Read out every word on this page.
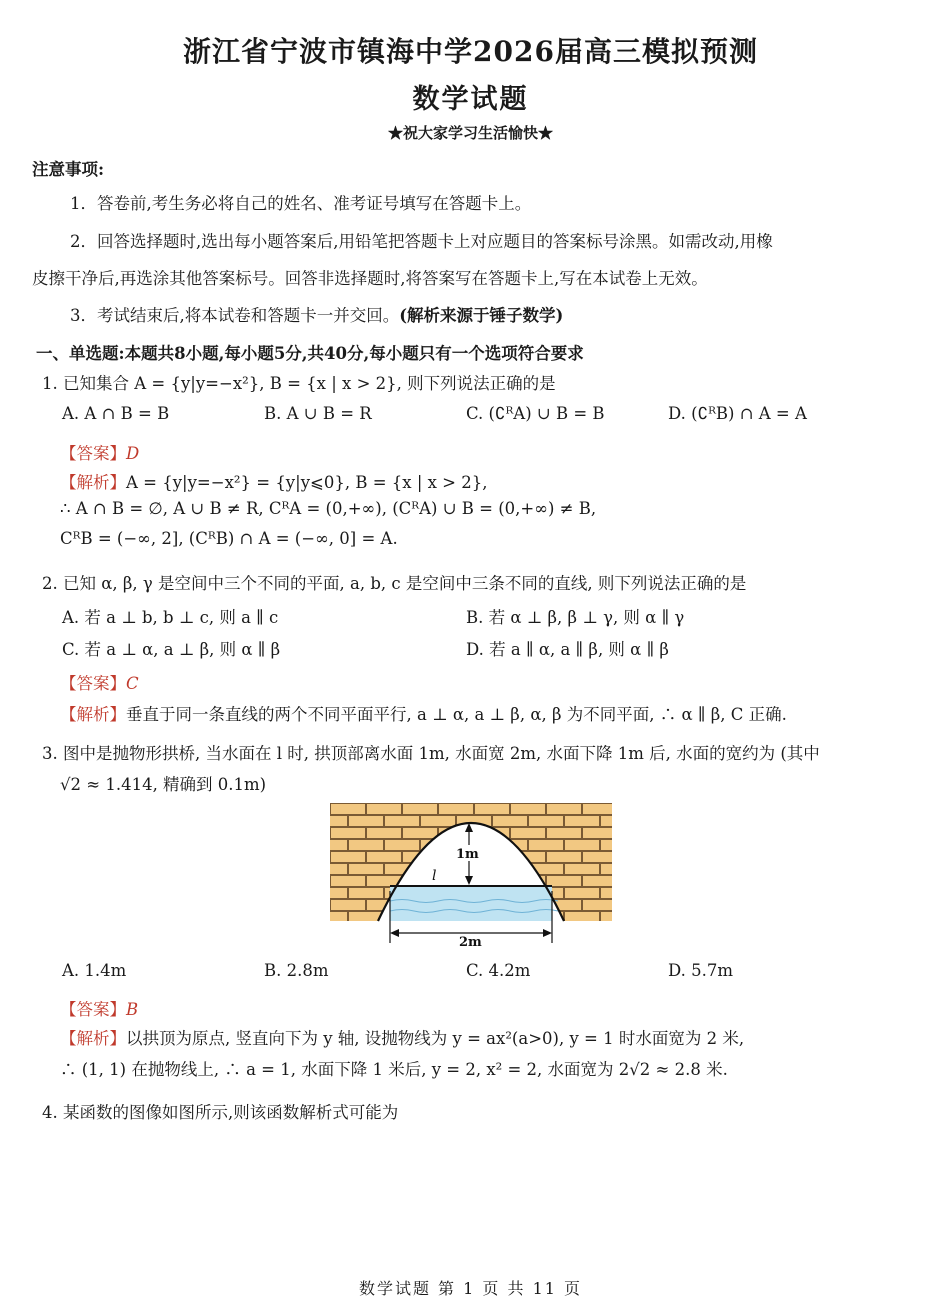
浙江省宁波市镇海中学2026届高三模拟预测
数学试题
★祝大家学习生活愉快★
注意事项:
1．答卷前,考生务必将自己的姓名、准考证号填写在答题卡上。
2．回答选择题时,选出每小题答案后,用铅笔把答题卡上对应题目的答案标号涂黑。如需改动,用橡
皮擦干净后,再选涂其他答案标号。回答非选择题时,将答案写在答题卡上,写在本试卷上无效。
3．考试结束后,将本试卷和答题卡一并交回。(解析来源于锤子数学)
一、单选题:本题共8小题,每小题5分,共40分,每小题只有一个选项符合要求
1. 已知集合 A = {y|y=−x²}, B = {x | x > 2}, 则下列说法正确的是
A. A ∩ B = B	B. A ∪ B = R	C. (∁ᴿA) ∪ B = B	D. (∁ᴿB) ∩ A = A
【答案】D
【解析】A = {y|y=−x²} = {y|y⩽0}, B = {x | x > 2},
∴ A ∩ B = ∅, A ∪ B ≠ R, CᴿA = (0,+∞), (CᴿA) ∪ B = (0,+∞) ≠ B,
CᴿB = (−∞, 2], (CᴿB) ∩ A = (−∞, 0] = A.
2. 已知 α, β, γ 是空间中三个不同的平面, a, b, c 是空间中三条不同的直线, 则下列说法正确的是
A. 若 a ⊥ b, b ⊥ c, 则 a ∥ c	B. 若 α ⊥ β, β ⊥ γ, 则 α ∥ γ
C. 若 a ⊥ α, a ⊥ β, 则 α ∥ β	D. 若 a ∥ α, a ∥ β, 则 α ∥ β
【答案】C
【解析】垂直于同一条直线的两个不同平面平行, a ⊥ α, a ⊥ β, α, β 为不同平面, ∴ α ∥ β, C 正确.
3. 图中是抛物形拱桥, 当水面在 l 时, 拱顶部离水面 1m, 水面宽 2m, 水面下降 1m 后, 水面的宽约为 (其中
√2 ≈ 1.414, 精确到 0.1m)
1m
l
2m
A. 1.4m	B. 2.8m	C. 4.2m	D. 5.7m
【答案】B
【解析】以拱顶为原点, 竖直向下为 y 轴, 设抛物线为 y = ax²(a>0), y = 1 时水面宽为 2 米,
∴ (1, 1) 在抛物线上, ∴ a = 1, 水面下降 1 米后, y = 2, x² = 2, 水面宽为 2√2 ≈ 2.8 米.
4. 某函数的图像如图所示,则该函数解析式可能为
数学试题 第 1 页 共 11 页
